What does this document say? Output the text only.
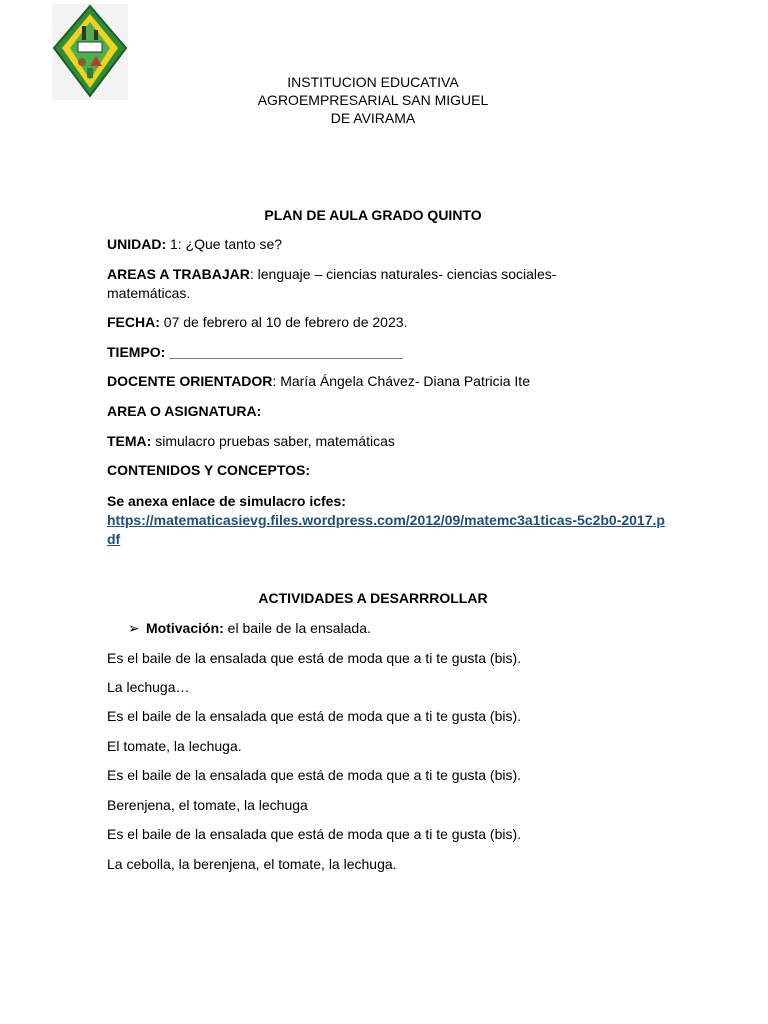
INSTITUCION EDUCATIVA
AGROEMPRESARIAL SAN MIGUEL
DE AVIRAMA
PLAN DE AULA GRADO QUINTO
UNIDAD: 1: ¿Que tanto se?
AREAS A TRABAJAR: lenguaje – ciencias naturales- ciencias sociales- matemáticas.
FECHA: 07 de febrero al 10 de febrero de 2023.
TIEMPO: ______________________________
DOCENTE ORIENTADOR: María Ángela Chávez- Diana Patricia Ite
AREA O ASIGNATURA:
TEMA: simulacro pruebas saber, matemáticas
CONTENIDOS Y CONCEPTOS:
Se anexa enlace de simulacro icfes:
https://matematicasievg.files.wordpress.com/2012/09/matemc3a1ticas-5c2b0-2017.pdf
ACTIVIDADES A DESARRROLLAR
➢ Motivación: el baile de la ensalada.
Es el baile de la ensalada que está de moda que a ti te gusta (bis).
La lechuga…
Es el baile de la ensalada que está de moda que a ti te gusta (bis).
El tomate, la lechuga.
Es el baile de la ensalada que está de moda que a ti te gusta (bis).
Berenjena, el tomate, la lechuga
Es el baile de la ensalada que está de moda que a ti te gusta (bis).
La cebolla, la berenjena, el tomate, la lechuga.
